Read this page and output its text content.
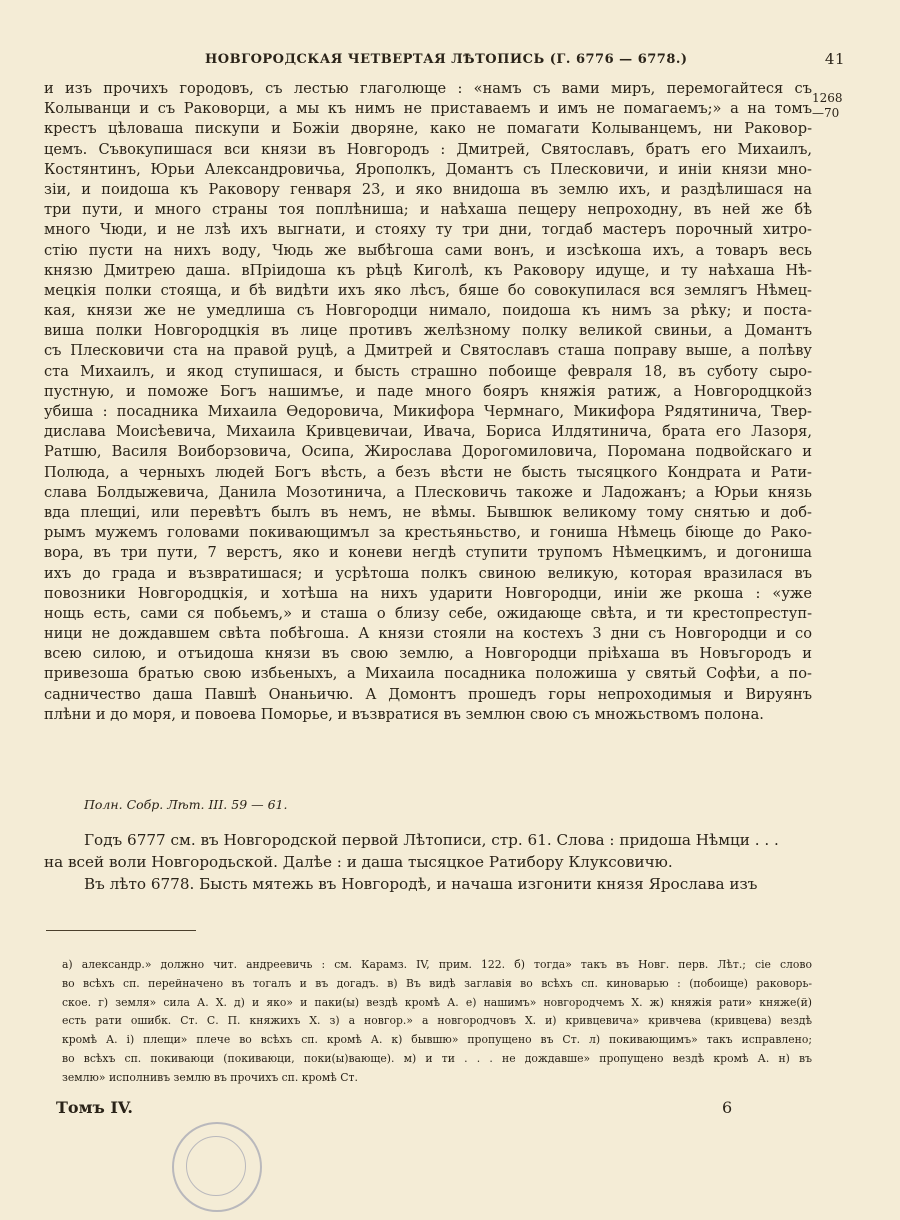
НОВГОРОДСКАЯ ЧЕТВЕРТАЯ ЛѢТОПИСЬ (Г. 6776 — 6778.)	41
1268
—70
и изъ прочихъ городовъ, съ лестью глаголюще : «намъ съ вами миръ, перемогайтеся съ
Колыванци и съ Раковорци, а мы къ нимъ не приставаемъ и имъ не помагаемъ;» а на томъ
крестъ цѣловаша пискупи и Божіи дворяне, како не помагати Колыванцемъ, ни Раковор-
цемъ. Съвокупишася вси князи въ Новгородъ : Дмитрей, Святославъ, братъ его Михаилъ,
Костянтинъ, Юрьи Александровичьа, Ярополкъ, Домантъ съ Плесковичи, и иніи князи мно-
зіи, и поидоша къ Раковору генваря 23, и яко внидоша въ землю ихъ, и раздѣлишася на
три пути, и много страны тоя поплѣниша; и наѣхаша пещеру непроходну, въ ней же бѣ
много Чюди, и не лзѣ ихъ выгнати, и стояху ту три дни, тогдаб мастеръ порочный хитро-
стію пусти на нихъ воду, Чюдь же выбѣгоша сами вонъ, и изсѣкоша ихъ, а товаръ весь
князю Дмитрею даша. вПріидоша къ рѣцѣ Киголѣ, къ Раковору идуще, и ту наѣхаша Нѣ-
мецкія полки стояща, и бѣ видѣти ихъ яко лѣсъ, бяше бо совокупилася вся землягъ Нѣмец-
кая, князи же не умедлиша съ Новгородци нимало, поидоша къ нимъ за рѣку; и поста-
виша полки Новгородцкія въ лице противъ желѣзному полку великой свиньи, а Домантъ
съ Плесковичи ста на правой руцѣ, а Дмитрей и Святославъ сташа поправу выше, а полѣву
ста Михаилъ, и якод ступишася, и бысть страшно побоище февраля 18, въ суботу сыро-
пустную, и поможе Богъ нашимъе, и паде много бояръ княжія ратиж, а Новгородцкойз
убиша : посадника Михаила Ѳедоровича, Микифора Чермнаго, Микифора Рядятинича, Твер-
дислава Моисѣевича, Михаила Кривцевичаи, Ивача, Бориса Илдятинича, брата его Лазоря,
Ратшю, Василя Воиборзовича, Осипа, Жирослава Дорогомиловича, Поромана подвойскаго и
Полюда, а черныхъ людей Богъ вѣсть, а безъ вѣсти не бысть тысяцкого Кондрата и Рати-
слава Болдыжевича, Данила Мозотинича, а Плесковичь такоже и Ладожанъ; а Юрьи князь
вда плещиі, или перевѣтъ былъ въ немъ, не вѣмы. Бывшюк великому тому снятью и доб-
рымъ мужемъ головами покивающимъл за крестьяньство, и гониша Нѣмець біюще до Рако-
вора, въ три пути, 7 верстъ, яко и коневи негдѣ ступити трупомъ Нѣмецкимъ, и догониша
ихъ до града и възвратишася; и усрѣтоша полкъ свиною великую, которая вразилася въ
повозники Новгородцкія, и хотѣша на нихъ ударити Новгородци, иніи же ркоша : «уже
нощь есть, сами ся побьемъ,» и сташа о близу себе, ожидающе свѣта, и ти крестопреступ-
ници не дождавшем свѣта побѣгоша. А князи стояли на костехъ 3 дни съ Новгородци и со
всею силою, и отъидоша князи въ свою землю, а Новгородци пріѣхаша въ Новъгородъ и
привезоша братью свою избьеныхъ, а Михаила посадника положиша у святьй Софѣи, а по-
садничество даша Павшѣ Онаньичю. А Домонтъ прошедъ горы непроходимыя и Вируянъ
плѣни и до моря, и повоева Поморье, и възвратися въ землюн свою съ множьствомъ полона.
Полн. Собр. Лѣт. III. 59 — 61.
Годъ 6777 см. въ Новгородской первой Лѣтописи, стр. 61. Слова : придоша Нѣмци . . .
на всей воли Новгородьской. Далѣе : и даша тысяцкое Ратибору Клуксовичю.
Въ лѣто 6778. Бысть мятежь въ Новгородѣ, и начаша изгонити князя Ярослава изъ
а) александр.» должно чит. андреевичь : см. Карамз. IV, прим. 122. б) тогда» такъ въ Новг. перв. Лѣт.; сіе слово
во всѣхъ сп. перейначено въ тогалъ и въ догадъ. в) Въ видѣ заглавія во всѣхъ сп. киноварью : (побоище) раковорь-
ское. г) земля» сила А. Х. д) и яко» и паки(ы) вездѣ кромѣ А. е) нашимъ» новгородчемъ Х. ж) княжія рати» княже(й)
есть рати ошибк. Ст. С. П. княжихъ Х. з) а новгор.» а новгородчовъ Х. и) кривцевича» кривчева (кривцева) вездѣ
кромѣ А. і) плещи» плече во всѣхъ сп. кромѣ А. к) бывшю» пропущено въ Ст. л) покивающимъ» такъ исправлено;
во всѣхъ сп. покиваюци (покиваюци, поки(ы)вающе). м) и ти . . . не дождавше» пропущено вездѣ кромѣ А. н) въ
землю» исполнивъ землю въ прочихъ сп. кромѣ Ст.
Томъ IV.	6
